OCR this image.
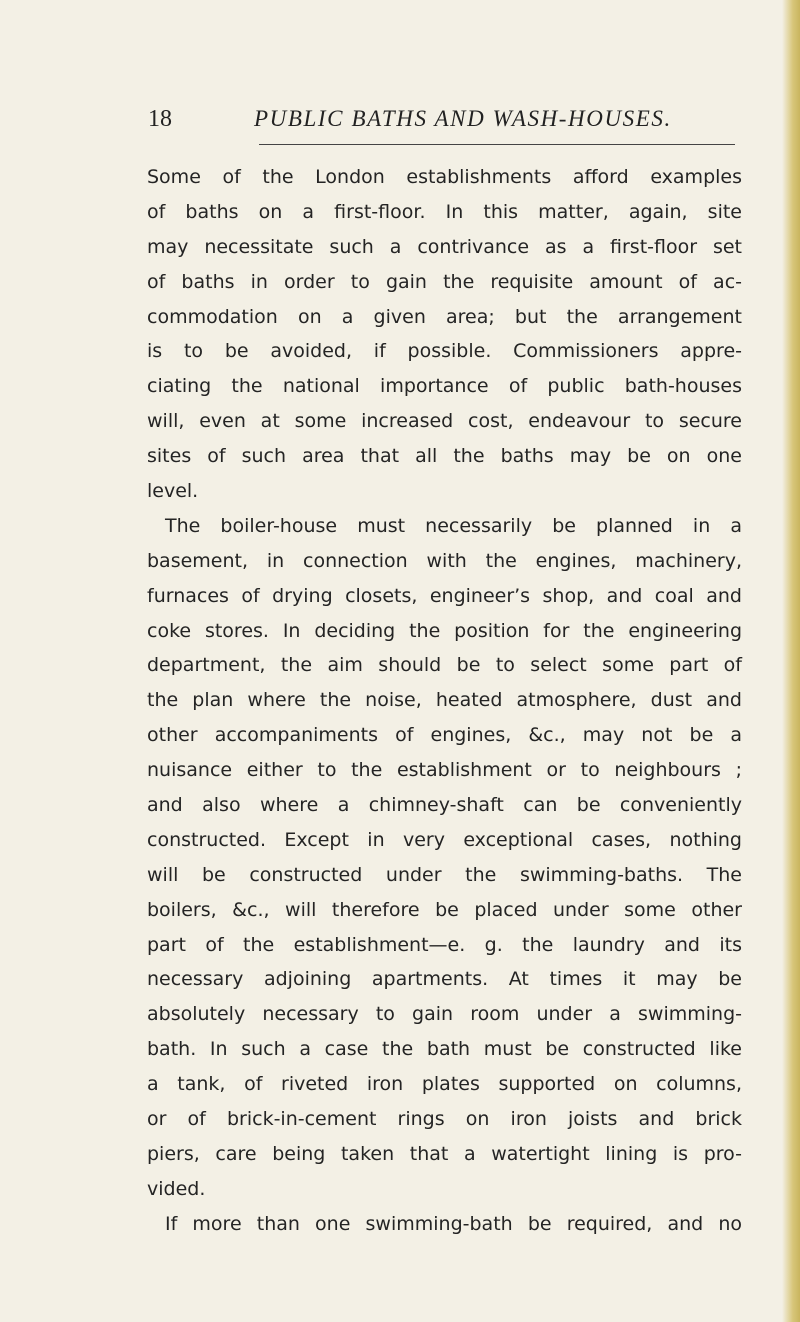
18	PUBLIC BATHS AND WASH-HOUSES.
Some of the London establishments afford examples
of baths on a first-floor. In this matter, again, site
may necessitate such a contrivance as a first-floor set
of baths in order to gain the requisite amount of ac-
commodation on a given area; but the arrangement
is to be avoided, if possible. Commissioners appre-
ciating the national importance of public bath-houses
will, even at some increased cost, endeavour to secure
sites of such area that all the baths may be on one
level.
The boiler-house must necessarily be planned in a
basement, in connection with the engines, machinery,
furnaces of drying closets, engineer’s shop, and coal and
coke stores. In deciding the position for the engineering
department, the aim should be to select some part of
the plan where the noise, heated atmosphere, dust and
other accompaniments of engines, &c., may not be a
nuisance either to the establishment or to neighbours ;
and also where a chimney-shaft can be conveniently
constructed. Except in very exceptional cases, nothing
will be constructed under the swimming-baths. The
boilers, &c., will therefore be placed under some other
part of the establishment—e. g. the laundry and its
necessary adjoining apartments. At times it may be
absolutely necessary to gain room under a swimming-
bath. In such a case the bath must be constructed like
a tank, of riveted iron plates supported on columns,
or of brick-in-cement rings on iron joists and brick
piers, care being taken that a watertight lining is pro-
vided.
If more than one swimming-bath be required, and no
